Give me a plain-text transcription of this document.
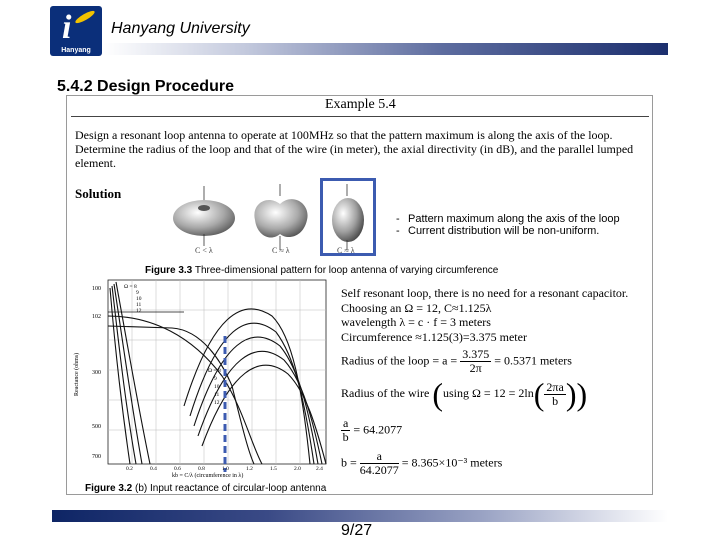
i
Hanyang
Hanyang University
5.4.2 Design Procedure
Example 5.4
Design a resonant loop antenna to operate at 100MHz so that the pattern maximum is along the axis of the loop. Determine the radius of the loop and that of the wire (in meter), the axial directivity (in dB), and the parallel lumped element.
Solution
C < λ	C ≈ λ	C ≈ λ
- Pattern maximum along the axis of the loop
- Current distribution will be non-uniform.
Figure 3.3 Three-dimensional pattern for loop antenna of varying circumference
Reactance (ohms)
kb = C/λ (circumference in λ)
100
102
300
500
700
0.2	0.4	0.6	0.8	1.0	1.2	1.5	2.0	2.4
Ω = 8
9
10
11
12
Ω = 8
9
10
11
12
Figure 3.2 (b) Input reactance of circular-loop antenna
Self resonant loop, there is no need for a resonant capacitor.
Choosing an Ω = 12, C≈1.125λ
wavelength λ = c · f = 3 meters
Circumference ≈1.125(3)=3.375 meter
Radius of the loop = $a = \frac{3.375}{2\pi} = 0.5371$ meters
Radius of the wire (using $\Omega = 12 = 2\ln( \frac{2\pi a}{b}$ ))
$\frac{a}{b} = 64.2077$
$b = \frac{a}{64.2077} = 8.365\times 10^{-3}$ meters
9/27
